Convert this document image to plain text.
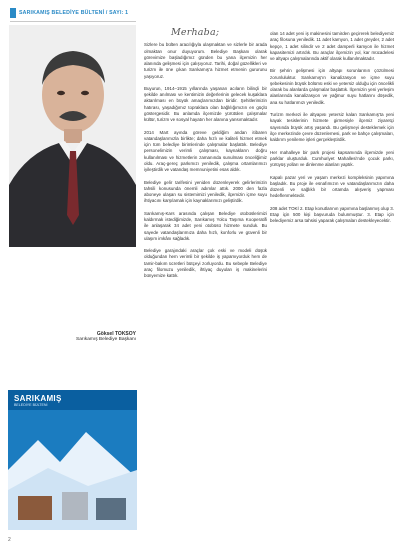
SARIKAMIŞ BELEDİYE BÜLTENİ / SAYI: 1
Göksel TOKSOY
Sarıkamış Belediye Başkanı
Merhaba;

Sizlere bu bülten aracılığıyla ulaşmaktan ve sizlerle bir arada olmaktan onur duyuyorum. Belediye Başkanı olarak görevimize başladığımız günden bu yana ilçemizin her alanında gelişmesi için çalışıyoruz. Tarihi, doğal güzellikleri ve turizm ile öne çıkan Sarıkamış’a hizmet etmenin gururunu yaşıyoruz.

Buyurun, 1914–1915 yıllarında yaşanan acıların bilinçli bir şekilde anılması ve kentimizin değerlerinin gelecek kuşaklara aktarılması en büyük amaçlarımızdan biridir. Şehitlerimizin hatırası, yaşadığımız topraklara olan bağlılığımızın en güçlü göstergesidir. Bu anlamda ilçemizde yürütülen çalışmalar kültür, turizm ve sosyal hayatın her alanına yansımaktadır.

2014 Mart ayında göreve geldiğim andan itibaren vatandaşlarımızla birlikte; daha hızlı ve kaliteli hizmet etmek için tüm belediye birimlerinde çalışmalar başlattık. Belediye personelimizin verimli çalışması, kaynakların doğru kullanılması ve hizmetlerin zamanında sunulması önceliğimiz oldu. Araç-gereç parkımızı yeniledik, çalışma ortamlarımızı iyileştirdik ve vatandaş memnuniyetini esas aldık.

Belediye gelir tarifesini yeniden düzenleyerek gelirlerimizin tahsili konusunda önemli adımlar attık. 2000 den fazla aboneye ulaşan su sistemimizi yeniledik, ilçemizin içme suyu ihtiyacını karşılamak için kaynaklarımızı geliştirdik.

Sarıkamış-Kars arasında çalışan Belediye otobüslerimizi kaldırmak istediğimizde, Sarıkamış Yolcu Taşıma Kooperatifi ile anlaşarak 34 adet yeni otobüsü hizmete sunduk. Bu sayede vatandaşlarımıza daha hızlı, konforlu ve güvenli bir ulaşım imkânı sağladık.

Belediye garajındaki araçlar çok eski ve modeli düşük olduğundan hem verimli bir şekilde iş yapamıyorduk hem de tamir-bakım ücretleri bütçeyi zorluyordu. Bu sebeple Belediye araç filomuzu yeniledik, ihtiyaç duyulan iş makinelerini bünyemize kattık.

olan 14 adet yeni iş makinesini tamirden geçirerek belediyemiz araç filosuna yeniledik. 11 adet kamyon, 1 adet greyder, 2 adet kepçe, 1 adet silindir ve 2 adet damperli kamyon ile hizmet kapasitemizi artırdık. Bu araçlar ilçemizin yol, kar mücadelesi ve altyapı çalışmalarında aktif olarak kullanılmaktadır.

Bir şehrin gelişmesi için altyapı sorunlarının çözülmesi zorunluluktur. Sarıkamış’ın kanalizasyon ve içme suyu şebekesinin büyük bölümü eski ve yetersiz olduğu için öncelikli olarak bu alanlarda çalışmalar başlattık. İlçemizin yeni yerleşim alanlarında kanalizasyon ve yağmur suyu hatlarını döşedik, ana su hatlarımızı yeniledik.

Turizm merkezi ile altyapısı yetersiz kalan Sarıkamış’ta yeni kayak tesislerinin hizmete girmesiyle ilçemiz ziyaretçi sayısında büyük artış yaşandı. Bu gelişmeyi desteklemek için ilçe merkezinde çevre düzenlemesi, park ve bahçe çalışmaları, kaldırım yenileme işleri gerçekleştirdik.

Her mahalleye bir park projesi kapsamında ilçemizde yeni parklar oluşturduk. Cumhuriyet Mahallesi’nde çocuk parkı, yürüyüş yolları ve dinlenme alanları yaptık.

Kapalı pazar yeri ve yaşam merkezi kompleksinin yapımına başladık. Bu proje ile esnafımızın ve vatandaşlarımızın daha düzenli ve sağlıklı bir ortamda alışveriş yapması hedeflenmektedir.

208 adet TOKİ 2. Etap konutlarının yapımına başlanmış olup 3. Etap için 500 kişi başvuruda bulunmuştur. 3. Etap için belediyemiz arsa tahsisi yaparak çalışmaları destekleyecektir.

SARIKAMIŞ
BELEDİYE BÜLTENİ
2
